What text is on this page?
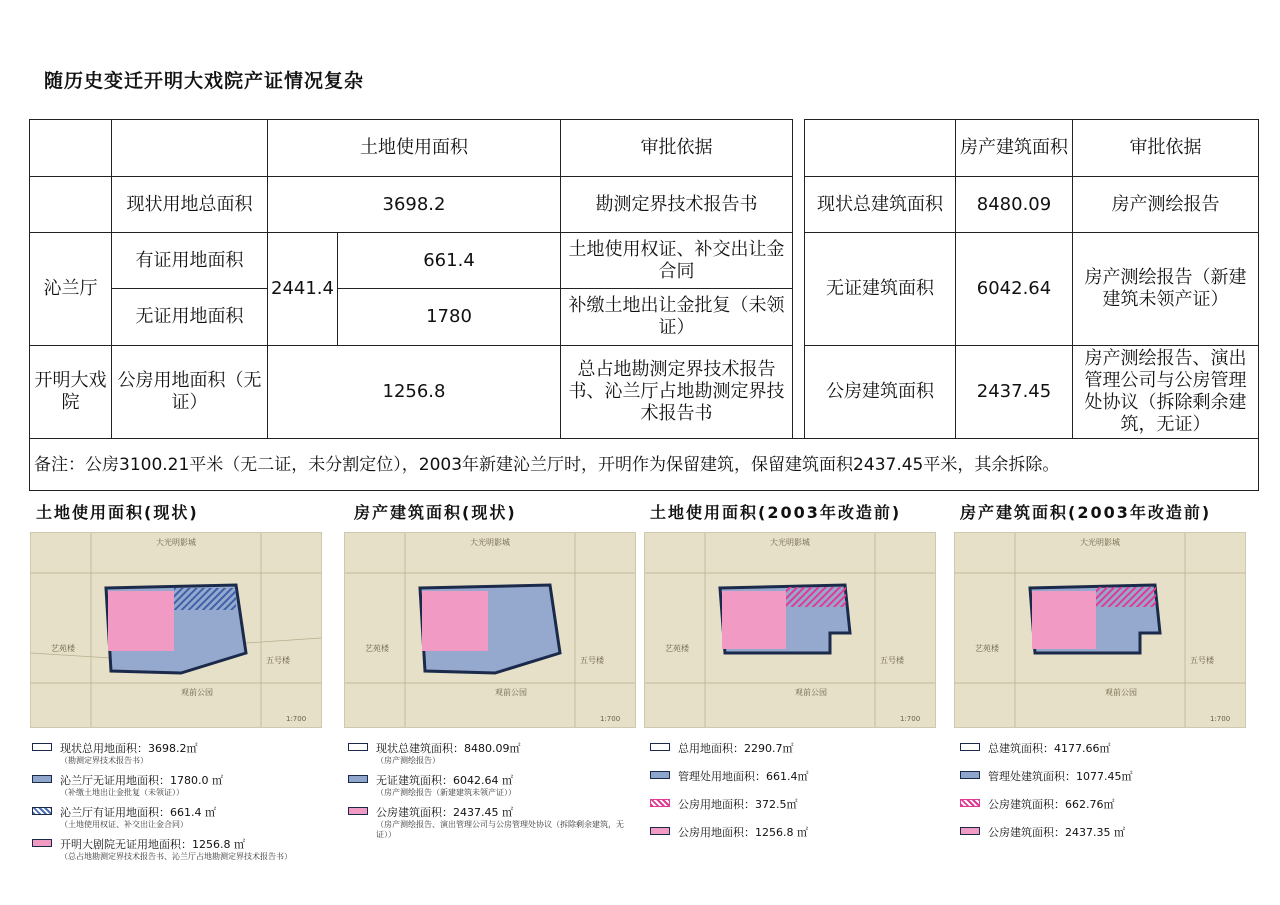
随历史变迁开明大戏院产证情况复杂
		土地使用面积		审批依据			房产建筑面积	审批依据
	现状用地总面积	3698.2		勘测定界技术报告书		现状总建筑面积	8480.09	房产测绘报告
沁兰厅	有证用地面积	2441.4	661.4	土地使用权证、补交出让金合同		无证建筑面积	6042.64	房产测绘报告（新建建筑未领产证）
	无证用地面积		1780	补缴土地出让金批复（未领证）				
开明大戏院	公房用地面积（无证）	1256.8		总占地勘测定界技术报告书、沁兰厅占地勘测定界技术报告书		公房建筑面积	2437.45	房产测绘报告、演出管理公司与公房管理处协议（拆除剩余建筑，无证）
备注：公房3100.21平米（无二证，未分割定位），2003年新建沁兰厅时，开明作为保留建筑，保留建筑面积2437.45平米，其余拆除。								
土地使用面积(现状)
大光明影城
艺苑楼
五号楼
观前公园
1:700
现状总用地面积：3698.2㎡
（勘测定界技术报告书）
沁兰厅无证用地面积：1780.0 ㎡
（补缴土地出让金批复（未领证））
沁兰厅有证用地面积：661.4 ㎡
（土地使用权证、补交出让金合同）
开明大剧院无证用地面积：1256.8 ㎡
（总占地勘测定界技术报告书、沁兰厅占地勘测定界技术报告书）
房产建筑面积(现状)
大光明影城
艺苑楼
五号楼
观前公园
1:700
现状总建筑面积：8480.09㎡
（房产测绘报告）
无证建筑面积：6042.64 ㎡
（房产测绘报告（新建建筑未领产证））
公房建筑面积：2437.45 ㎡
（房产测绘报告、演出管理公司与公房管理处协议（拆除剩余建筑，无证））
土地使用面积(2003年改造前)
大光明影城
艺苑楼
五号楼
观前公园
1:700
总用地面积：2290.7㎡
管理处用地面积：661.4㎡
公房用地面积：372.5㎡
公房用地面积：1256.8 ㎡
房产建筑面积(2003年改造前)
大光明影城
艺苑楼
五号楼
观前公园
1:700
总建筑面积：4177.66㎡
管理处建筑面积：1077.45㎡
公房建筑面积：662.76㎡
公房建筑面积：2437.35 ㎡
